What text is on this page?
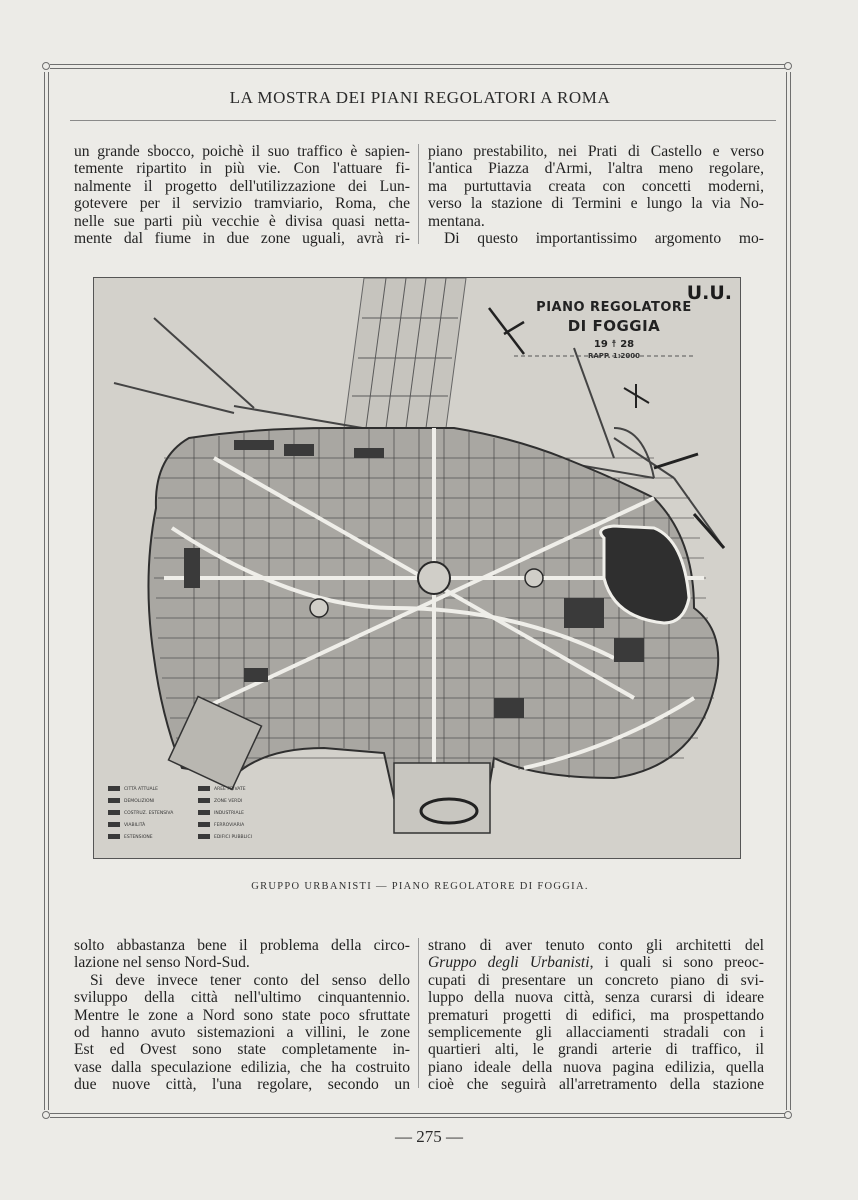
LA MOSTRA DEI PIANI REGOLATORI A ROMA

un grande sbocco, poichè il suo traffico è sapien-

temente ripartito in più vie. Con l'attuare fi-

nalmente il progetto dell'utilizzazione dei Lun-

gotevere per il servizio tramviario, Roma, che

nelle sue parti più vecchie è divisa quasi netta-

mente dal fiume in due zone uguali, avrà ri-

piano prestabilito, nei Prati di Castello e verso

l'antica Piazza d'Armi, l'altra meno regolare,

ma purtuttavia creata con concetti moderni,

verso la stazione di Termini e lungo la via No-

mentana.

Di questo importantissimo argomento mo-

PIANO REGOLATORE
DI FOGGIA
19 ☨ 28
RAPP. 1:2000
U.U.
CITTÀ ATTUALE
DEMOLIZIONI
COSTRUZ. ESTENSIVA
ZONE VERDI
INDUSTRIALE
FERROVIARIA
VIABILITÀ
EDIFICI PUBBLICI
ESTENSIONE
AREE PRIVATE
GRUPPO URBANISTI — PIANO REGOLATORE DI FOGGIA.

solto abbastanza bene il problema della circo-

lazione nel senso Nord-Sud.

Si deve invece tener conto del senso dello

sviluppo della città nell'ultimo cinquantennio.

Mentre le zone a Nord sono state poco sfruttate

od hanno avuto sistemazioni a villini, le zone

Est ed Ovest sono state completamente in-

vase dalla speculazione edilizia, che ha costruito

due nuove città, l'una regolare, secondo un

strano di aver tenuto conto gli architetti del

Gruppo degli Urbanisti, i quali si sono preoc-

cupati di presentare un concreto piano di svi-

luppo della nuova città, senza curarsi di ideare

prematuri progetti di edifici, ma prospettando

semplicemente gli allacciamenti stradali con i

quartieri alti, le grandi arterie di traffico, il

piano ideale della nuova pagina edilizia, quella

cioè che seguirà all'arretramento della stazione

— 275 —
